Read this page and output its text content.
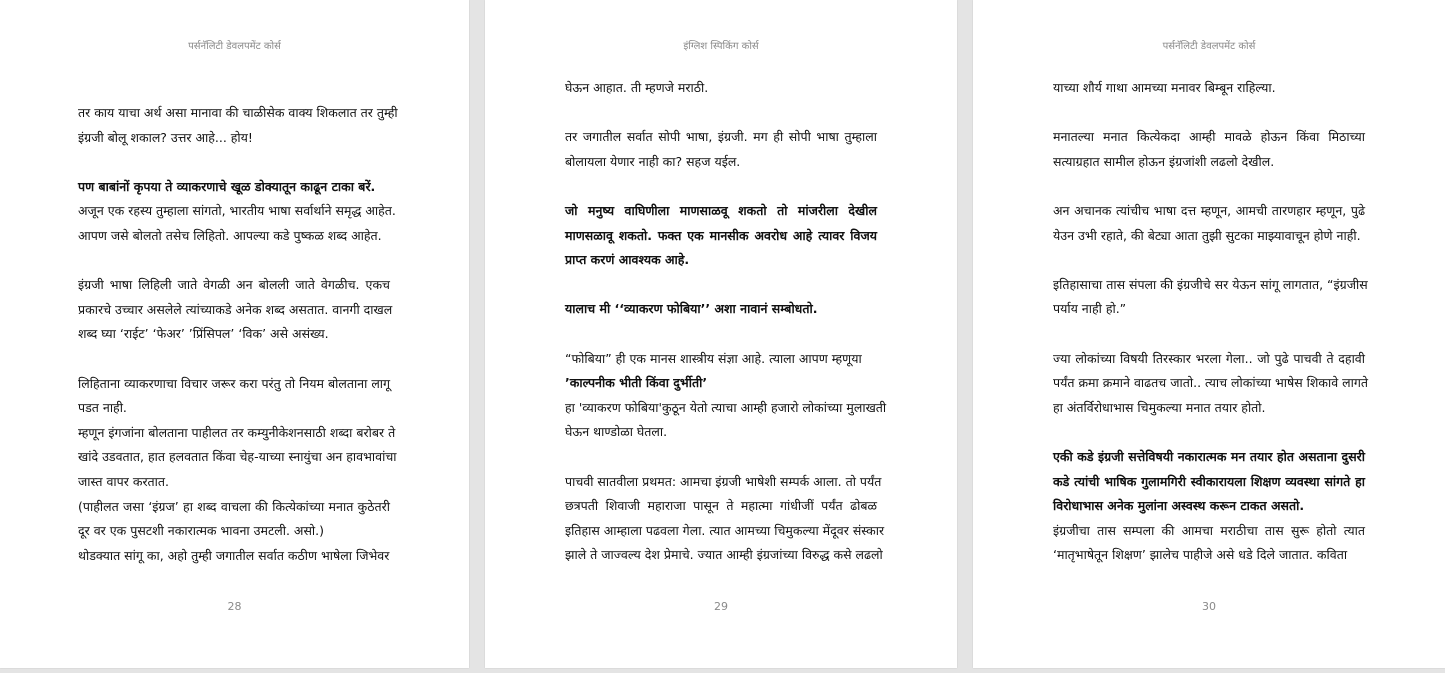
पर्सनॅलिटी डेवलपमेंट कोर्स
तर काय याचा अर्थ असा मानावा की चाळीसेक वाक्य शिकलात तर तुम्ही
इंग्रजी बोलू शकाल? उत्तर आहे... होय!
पण बाबांनों कृपया ते व्याकरणाचे खूळ डोक्यातून काढून टाका बरें.
अजून एक रहस्य तुम्हाला सांगतो, भारतीय भाषा सर्वार्थाने समृद्ध आहेत.
आपण जसे बोलतो तसेच लिहितो. आपल्या कडे पुष्कळ शब्द आहेत.
इंग्रजी भाषा लिहिली जाते वेगळी अन बोलली जाते वेगळीच. एकच
प्रकारचे उच्चार असलेले त्यांच्याकडे अनेक शब्द असतात. वानगी दाखल
शब्द घ्या ‘राईट’ ‘फेअर’ ’प्रिंसिपल’ ‘विक’ असे असंख्य.
लिहिताना व्याकरणाचा विचार जरूर करा परंतु तो नियम बोलताना लागू
पडत नाही.
म्हणून इंगजांना बोलताना पाहीलत तर कम्युनीकेशनसाठी शब्दा बरोबर ते
खांदे उडवतात, हात हलवतात किंवा चेह-याच्या स्नायुंचा अन हावभावांचा
जास्त वापर करतात.
(पाहीलत जसा ‘इंग्रज’ हा शब्द वाचला की कित्येकांच्या मनात कुठेतरी
दूर वर एक पुसटशी नकारात्मक भावना उमटली. असो.)
थोडक्यात सांगू का, अहो तुम्ही जगातील सर्वात कठीण भाषेला जिभेवर
28
इंग्लिश स्पिकिंग कोर्स
घेऊन आहात. ती म्हणजे मराठी.
तर जगातील सर्वात सोपी भाषा, इंग्रजी. मग ही सोपी भाषा तुम्हाला
बोलायला येणार नाही का? सहज यईल.
जो मनुष्य वाघिणीला माणसाळवू शकतो तो मांजरीला देखील
माणसळावू शकतो. फक्त एक मानसीक अवरोध आहे त्यावर विजय
प्राप्त करणं आवश्यक आहे.
यालाच मी ‘‘व्याकरण फोबिया’’ अशा नावानं सम्बोधतो.
“फोबिया” ही एक मानस शास्त्रीय संज्ञा आहे. त्याला आपण म्हणूया
’काल्पनीक भीती किंवा दुर्भीती’
हा 'व्याकरण फोबिया'कुठून येतो त्याचा आम्ही हजारो लोकांच्या मुलाखती
घेऊन थाण्डोळा घेतला.
पाचवी सातवीला प्रथमत: आमचा इंग्रजी भाषेशी सम्पर्क आला. तो पर्यंत
छत्रपती शिवाजी महाराजा पासून ते महात्मा गांधीजीं पर्यंत ढोबळ
इतिहास आम्हाला पढवला गेला. त्यात आमच्या चिमुकल्या मेंदूवर संस्कार
झाले ते जाज्वल्य देश प्रेमाचे. ज्यात आम्ही इंग्रजांच्या विरुद्ध कसे लढलो
29
पर्सनॅलिटी डेवलपमेंट कोर्स
याच्या शौर्य गाथा आमच्या मनावर बिम्बून राहिल्या.
मनातल्या मनात कित्येकदा आम्ही मावळे होऊन किंवा मिठाच्या
सत्याग्रहात सामील होऊन इंग्रजांशी लढलो देखील.
अन अचानक त्यांचीच भाषा दत्त म्हणून, आमची तारणहार म्हणून, पुढे
येउन उभी रहाते, की बेट्या आता तुझी सुटका माझ्यावाचून होणे नाही.
इतिहासाचा तास संपला की इंग्रजीचे सर येऊन सांगू लागतात, “इंग्रजीस
पर्याय नाही हो.”
ज्या लोकांच्या विषयी तिरस्कार भरला गेला.. जो पुढे पाचवी ते दहावी
पर्यंत क्रमा क्रमाने वाढतच जातो.. त्याच लोकांच्या भाषेस शिकावे लागते
हा अंतर्विरोधाभास चिमुकल्या मनात तयार होतो.
एकी कडे इंग्रजी सत्तेविषयी नकारात्मक मन तयार होत असताना दुसरी
कडे त्यांची भाषिक गुलामगिरी स्वीकारायला शिक्षण व्यवस्था सांगते हा
विरोधाभास अनेक मुलांना अस्वस्थ करून टाकत असतो.
इंग्रजीचा तास सम्पला की आमचा मराठीचा तास सुरू होतो त्यात
‘मातृभाषेतून शिक्षण’ झालेच पाहीजे असे धडे दिले जातात. कविता
30
